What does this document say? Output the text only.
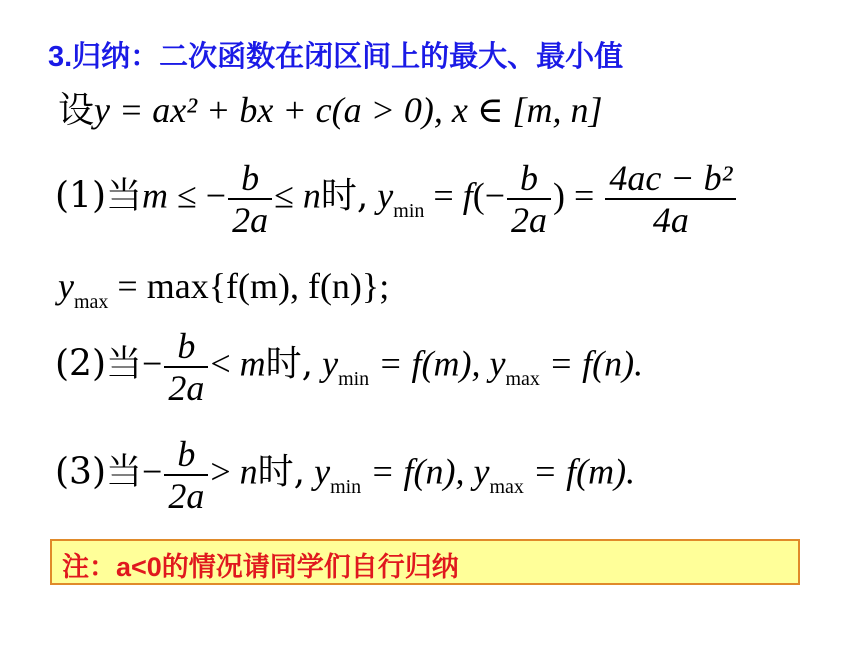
3.归纳：二次函数在闭区间上的最大、最小值
设y = ax² + bx + c(a > 0), x ∈ [m, n]
(1)当m ≤ − $\frac{b}{2a} \le n$时, $y_{min} = f(- \frac{b}{2a}$ ) = $\frac{\text{4ac − b²}}{4a}$
$y_{max} = \max\{f(m)$, f(n)};
(2)当− $\frac{b}{2a} < m$时, $y_{min} = f(m)$, $y_{max} = f(n)$.
(3)当− $\frac{b}{2a} > n$时, $y_{min} = f(n)$, $y_{max} = f(m)$.
注：a<0的情况请同学们自行归纳
